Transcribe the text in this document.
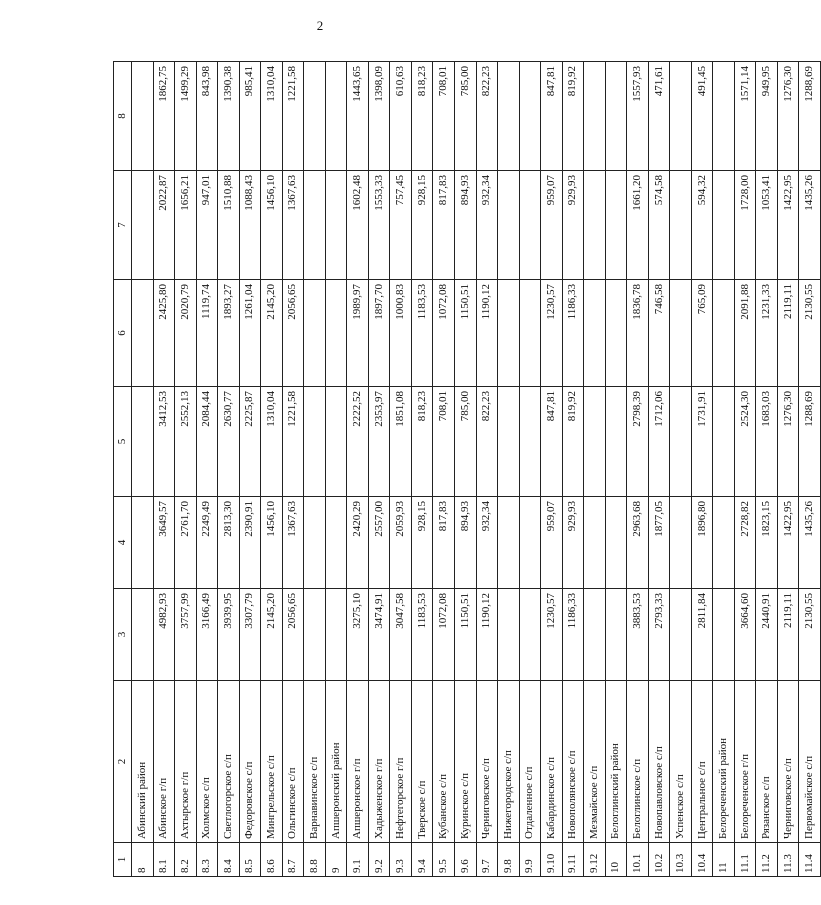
2
1	2	3	4	5	6	7	8
8	Абинский район						
8.1	Абинское г/п	4982,93	3649,57	3412,53	2425,80	2022,87	1862,75
8.2	Ахтырское г/п	3757,99	2761,70	2552,13	2020,79	1656,21	1499,29
8.3	Холмское с/п	3166,49	2249,49	2084,44	1119,74	947,01	843,98
8.4	Светлогорское с/п	3939,95	2813,30	2630,77	1893,27	1510,88	1390,38
8.5	Федоровское с/п	3307,79	2390,91	2225,87	1261,04	1088,43	985,41
8.6	Мингрельское с/п	2145,20	1456,10	1310,04	2145,20	1456,10	1310,04
8.7	Ольгинское с/п	2056,65	1367,63	1221,58	2056,65	1367,63	1221,58
8.8	Варнавинское с/п						
9	Апшеронский район						
9.1	Апшеронское г/п	3275,10	2420,29	2222,52	1989,97	1602,48	1443,65
9.2	Хадыженское г/п	3474,91	2557,00	2353,97	1897,70	1553,33	1398,09
9.3	Нефтегорское г/п	3047,58	2059,93	1851,08	1000,83	757,45	610,63
9.4	Тверское с/п	1183,53	928,15	818,23	1183,53	928,15	818,23
9.5	Кубанское с/п	1072,08	817,83	708,01	1072,08	817,83	708,01
9.6	Куринское с/п	1150,51	894,93	785,00	1150,51	894,93	785,00
9.7	Черниговское с/п	1190,12	932,34	822,23	1190,12	932,34	822,23
9.8	Нижегородское с/п						
9.9	Отдаленное с/п						
9.10	Кабардинское с/п	1230,57	959,07	847,81	1230,57	959,07	847,81
9.11	Новополянское с/п	1186,33	929,93	819,92	1186,33	929,93	819,92
9.12	Мезмайское с/п						
10	Белоглинский район						
10.1	Белоглинское с/п	3883,53	2963,68	2798,39	1836,78	1661,20	1557,93
10.2	Новопавловское с/п	2793,33	1877,05	1712,06	746,58	574,58	471,61
10.3	Успенское с/п						
10.4	Центральное с/п	2811,84	1896,80	1731,91	765,09	594,32	491,45
11	Белореченский район						
11.1	Белореченское г/п	3664,60	2728,82	2524,30	2091,88	1728,00	1571,14
11.2	Рязанское с/п	2440,91	1823,15	1683,03	1231,33	1053,41	949,95
11.3	Черниговское с/п	2119,11	1422,95	1276,30	2119,11	1422,95	1276,30
11.4	Первомайское с/п	2130,55	1435,26	1288,69	2130,55	1435,26	1288,69
